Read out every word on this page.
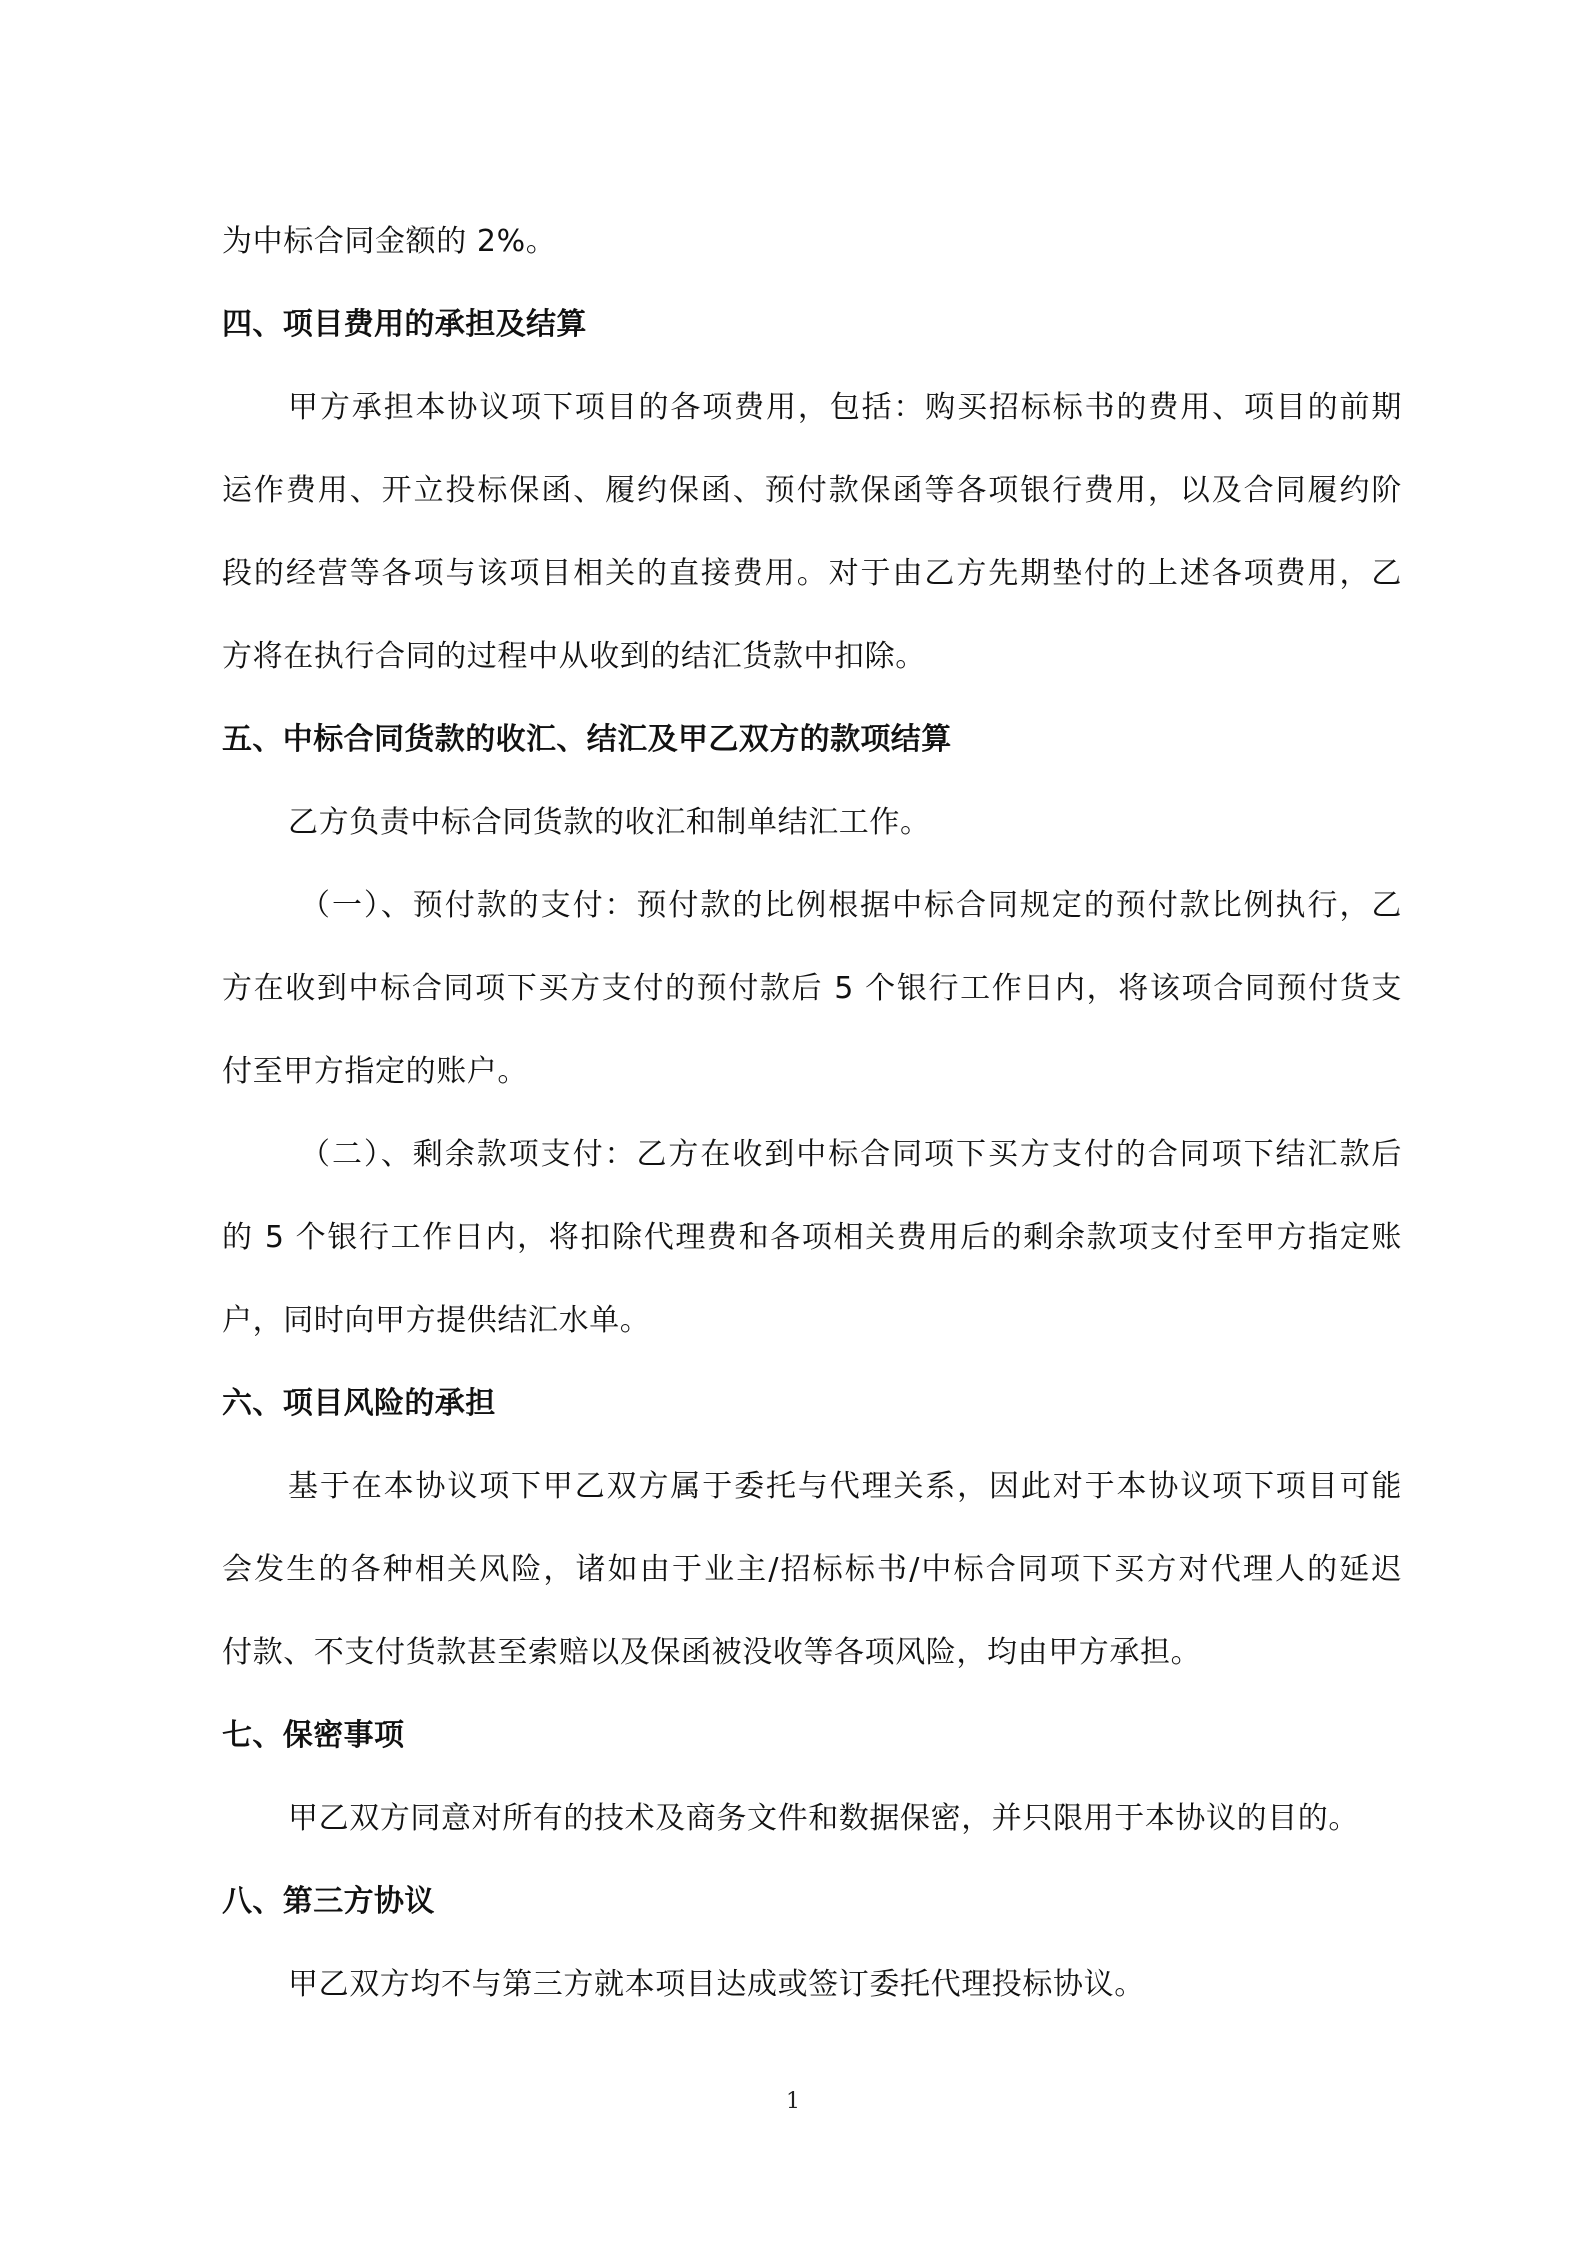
为中标合同金额的 2%。
四、项目费用的承担及结算
甲方承担本协议项下项目的各项费用，包括：购买招标标书的费用、项目的前期
运作费用、开立投标保函、履约保函、预付款保函等各项银行费用，以及合同履约阶
段的经营等各项与该项目相关的直接费用。对于由乙方先期垫付的上述各项费用，乙
方将在执行合同的过程中从收到的结汇货款中扣除。
五、中标合同货款的收汇、结汇及甲乙双方的款项结算
乙方负责中标合同货款的收汇和制单结汇工作。
（一）、预付款的支付：预付款的比例根据中标合同规定的预付款比例执行，乙
方在收到中标合同项下买方支付的预付款后 5 个银行工作日内，将该项合同预付货支
付至甲方指定的账户。
（二）、剩余款项支付：乙方在收到中标合同项下买方支付的合同项下结汇款后
的 5 个银行工作日内，将扣除代理费和各项相关费用后的剩余款项支付至甲方指定账
户，同时向甲方提供结汇水单。
六、项目风险的承担
基于在本协议项下甲乙双方属于委托与代理关系，因此对于本协议项下项目可能
会发生的各种相关风险，诸如由于业主/招标标书/中标合同项下买方对代理人的延迟
付款、不支付货款甚至索赔以及保函被没收等各项风险，均由甲方承担。
七、保密事项
甲乙双方同意对所有的技术及商务文件和数据保密，并只限用于本协议的目的。
八、第三方协议
甲乙双方均不与第三方就本项目达成或签订委托代理投标协议。
1
